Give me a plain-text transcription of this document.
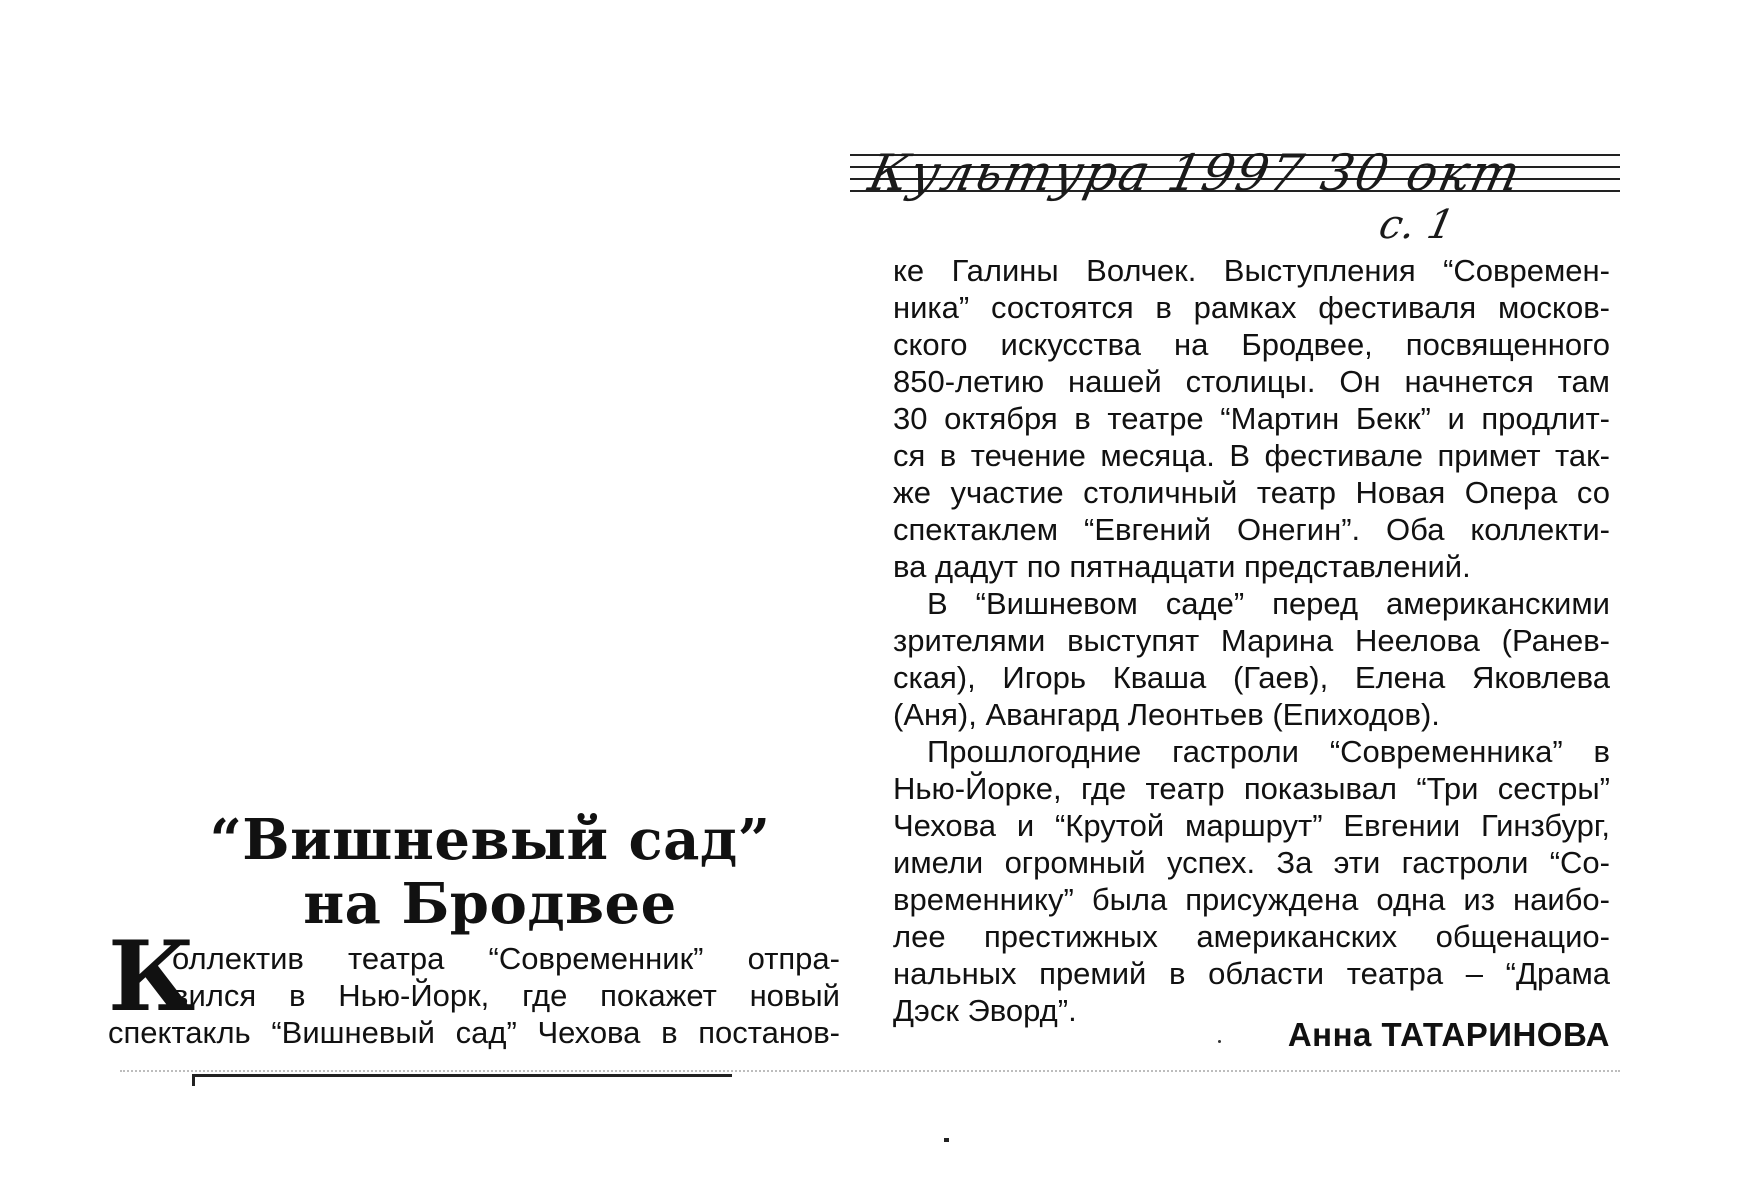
Культура 1997 30 окт
с. 1
“Вишневый сад”
на Бродвее
К
оллектив театра “Современник” отпра-
вился в Нью-Йорк, где покажет новый
спектакль “Вишневый сад” Чехова в постанов-
ке Галины Волчек. Выступления “Современ-
ника” состоятся в рамках фестиваля москов-
ского искусства на Бродвее, посвященного
850-летию нашей столицы. Он начнется там
30 октября в театре “Мартин Бекк” и продлит-
ся в течение месяца. В фестивале примет так-
же участие столичный театр Новая Опера со
спектаклем “Евгений Онегин”. Оба коллекти-
ва дадут по пятнадцати представлений.
В “Вишневом саде” перед американскими
зрителями выступят Марина Неелова (Ранев-
ская), Игорь Кваша (Гаев), Елена Яковлева
(Аня), Авангард Леонтьев (Епиходов).
Прошлогодние гастроли “Современника” в
Нью-Йорке, где театр показывал “Три сестры”
Чехова и “Крутой маршрут” Евгении Гинзбург,
имели огромный успех. За эти гастроли “Со-
временнику” была присуждена одна из наибо-
лее престижных американских общенацио-
нальных премий в области театра – “Драма
Дэск Эворд”.
Анна ТАТАРИНОВА
